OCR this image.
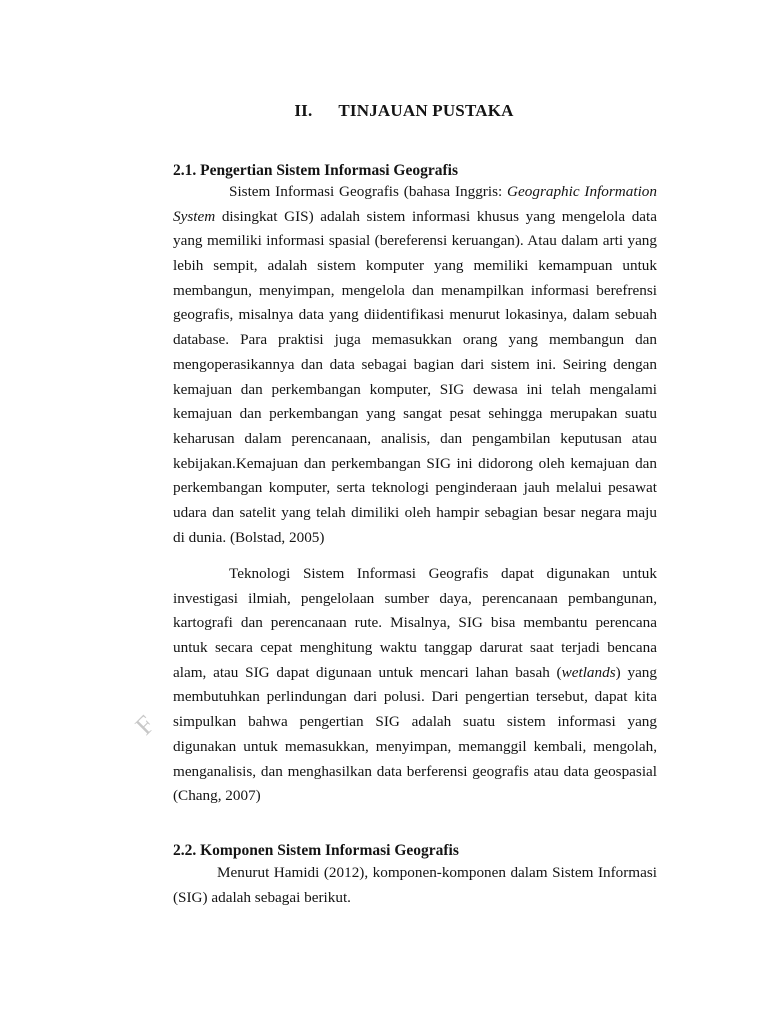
II. TINJAUAN PUSTAKA
2.1. Pengertian Sistem Informasi Geografis
Sistem Informasi Geografis (bahasa Inggris: Geographic Information
System disingkat GIS) adalah sistem informasi khusus yang mengelola data
yang memiliki informasi spasial (bereferensi keruangan). Atau dalam arti yang
lebih sempit, adalah sistem komputer yang memiliki kemampuan untuk
membangun, menyimpan, mengelola dan menampilkan informasi berefrensi
geografis, misalnya data yang diidentifikasi menurut lokasinya, dalam sebuah
database. Para praktisi juga memasukkan orang yang membangun dan
mengoperasikannya dan data sebagai bagian dari sistem ini. Seiring dengan
kemajuan dan perkembangan komputer, SIG dewasa ini telah mengalami
kemajuan dan perkembangan yang sangat pesat sehingga merupakan suatu
keharusan dalam perencanaan, analisis, dan pengambilan keputusan atau
kebijakan.Kemajuan dan perkembangan SIG ini didorong oleh kemajuan dan
perkembangan komputer, serta teknologi penginderaan jauh melalui pesawat
udara dan satelit yang telah dimiliki oleh hampir sebagian besar negara maju
di dunia. (Bolstad, 2005)
Teknologi Sistem Informasi Geografis dapat digunakan untuk
investigasi ilmiah, pengelolaan sumber daya, perencanaan pembangunan,
kartografi dan perencanaan rute. Misalnya, SIG bisa membantu perencana
untuk secara cepat menghitung waktu tanggap darurat saat terjadi bencana
alam, atau SIG dapat digunaan untuk mencari lahan basah (wetlands) yang
membutuhkan perlindungan dari polusi. Dari pengertian tersebut, dapat kita
simpulkan bahwa pengertian SIG adalah suatu sistem informasi yang
digunakan untuk memasukkan, menyimpan, memanggil kembali, mengolah,
menganalisis, dan menghasilkan data berferensi geografis atau data geospasial
(Chang, 2007)
2.2. Komponen Sistem Informasi Geografis
Menurut Hamidi (2012), komponen-komponen dalam Sistem Informasi
(SIG) adalah sebagai berikut.
F
